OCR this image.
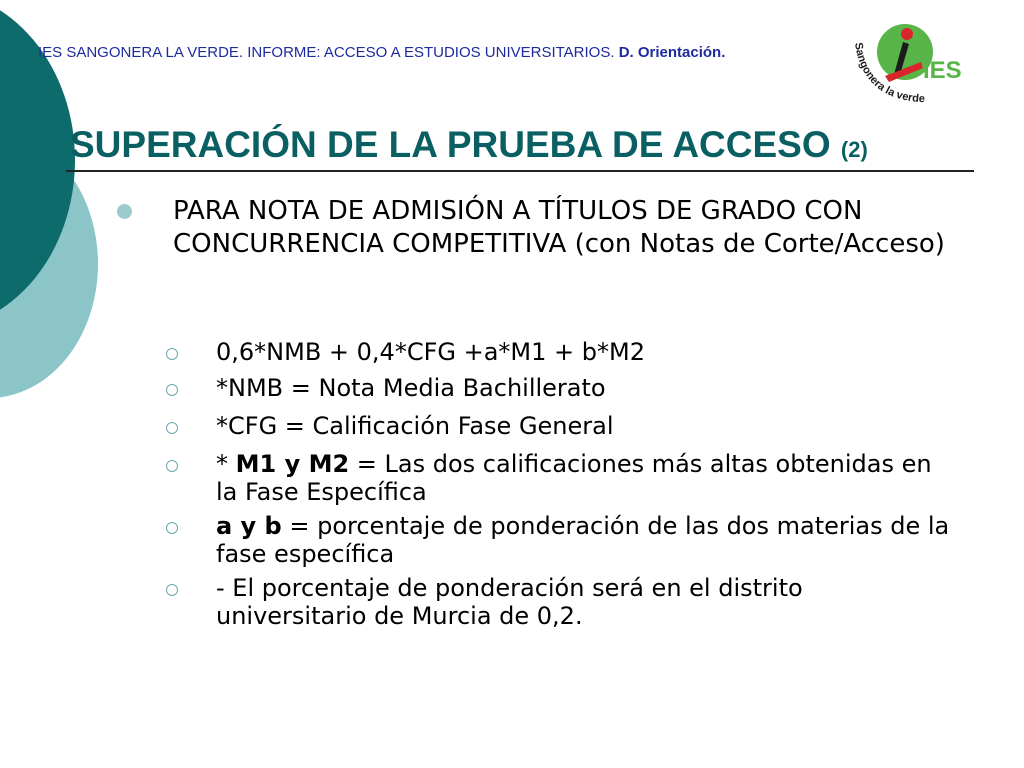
IES SANGONERA LA VERDE. INFORME: ACCESO A ESTUDIOS UNIVERSITARIOS. D. Orientación.
IES
Sangonera la verde
SUPERACIÓN DE LA PRUEBA DE ACCESO (2)
PARA NOTA DE ADMISIÓN A TÍTULOS DE GRADO CON CONCURRENCIA COMPETITIVA (con Notas de Corte/Acceso)
0,6*NMB + 0,4*CFG +a*M1 + b*M2
*NMB = Nota Media Bachillerato
*CFG = Calificación Fase General
* M1 y M2 = Las dos calificaciones más altas obtenidas en la Fase Específica
a y b = porcentaje de ponderación de las dos materias de la fase específica
- El porcentaje de ponderación será en el distrito universitario de Murcia de 0,2.
